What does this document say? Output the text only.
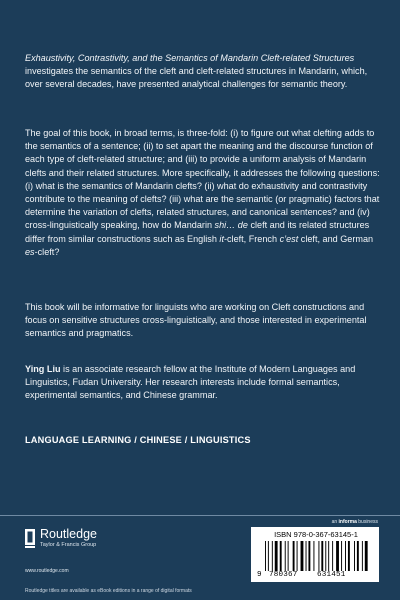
Exhaustivity, Contrastivity, and the Semantics of Mandarin Cleft-related Structures investigates the semantics of the cleft and cleft-related structures in Mandarin, which, over several decades, have presented analytical challenges for semantic theory.
The goal of this book, in broad terms, is three-fold: (i) to figure out what clefting adds to the semantics of a sentence; (ii) to set apart the meaning and the discourse function of each type of cleft-related structure; and (iii) to provide a uniform analysis of Mandarin clefts and their related structures. More specifically, it addresses the following questions: (i) what is the semantics of Mandarin clefts? (ii) what do exhaustivity and contrastivity contribute to the meaning of clefts? (iii) what are the semantic (or pragmatic) factors that determine the variation of clefts, related structures, and canonical sentences? and (iv) cross-linguistically speaking, how do Mandarin shi… de cleft and its related structures differ from similar constructions such as English it-cleft, French c’est cleft, and German es-cleft?
This book will be informative for linguists who are working on Cleft constructions and focus on sensitive structures cross-linguistically, and those interested in experimental semantics and pragmatics.
Ying Liu is an associate research fellow at the Institute of Modern Languages and Linguistics, Fudan University. Her research interests include formal semantics, experimental semantics, and Chinese grammar.
LANGUAGE LEARNING / CHINESE / LINGUISTICS
an informa business
Routledge
Taylor & Francis Group
www.routledge.com
ISBN 978-0-367-63145-1
9 780367	631451
Routledge titles are available as eBook editions in a range of digital formats
